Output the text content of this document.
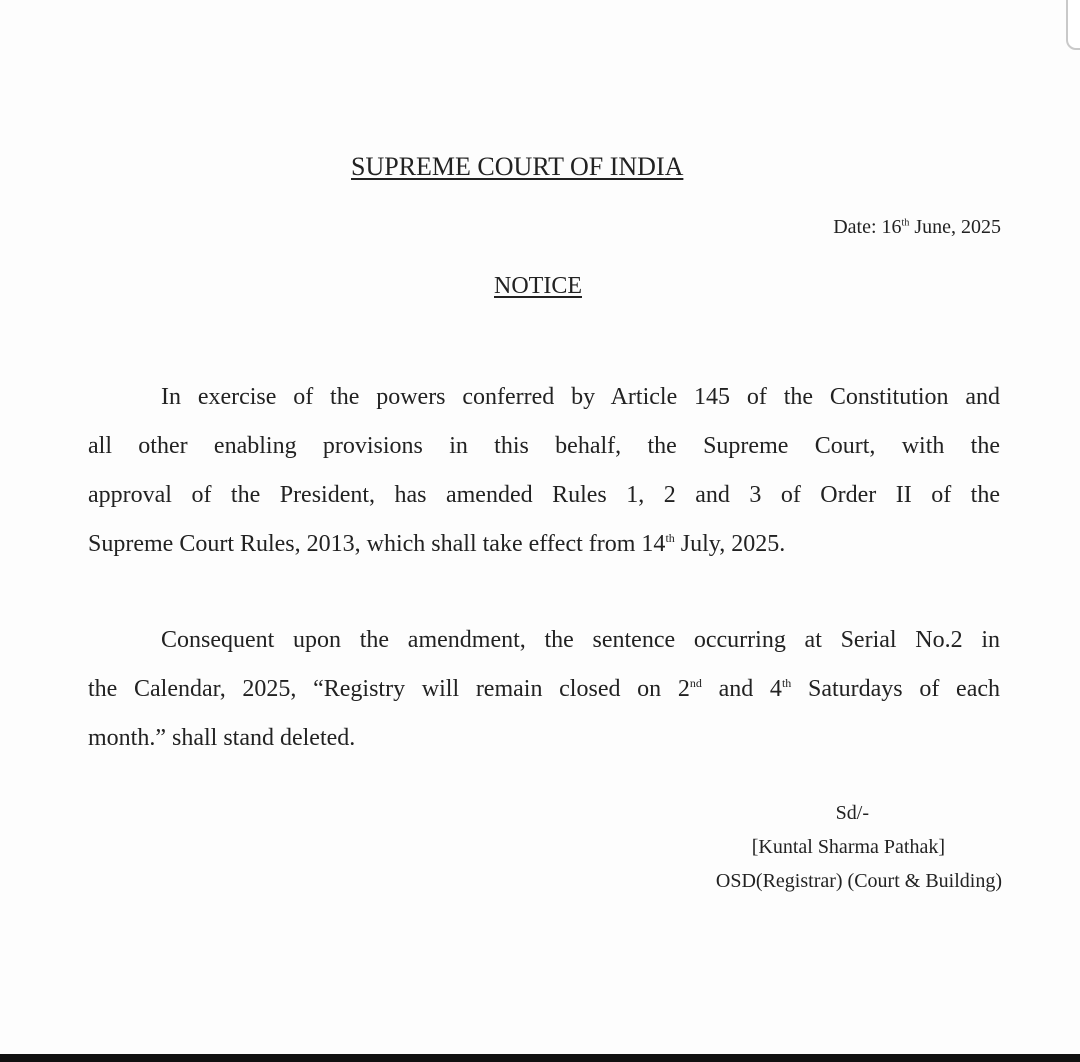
SUPREME COURT OF INDIA
Date: 16th June, 2025
NOTICE
In exercise of the powers conferred by Article 145 of the Constitution and
all other enabling provisions in this behalf, the Supreme Court, with the
approval of the President, has amended Rules 1, 2 and 3 of Order II of the
Supreme Court Rules, 2013, which shall take effect from 14th July, 2025.
Consequent upon the amendment, the sentence occurring at Serial No.2 in
the Calendar, 2025, “Registry will remain closed on 2nd and 4th Saturdays of each
month.” shall stand deleted.
Sd/-
[Kuntal Sharma Pathak]
OSD(Registrar) (Court & Building)
